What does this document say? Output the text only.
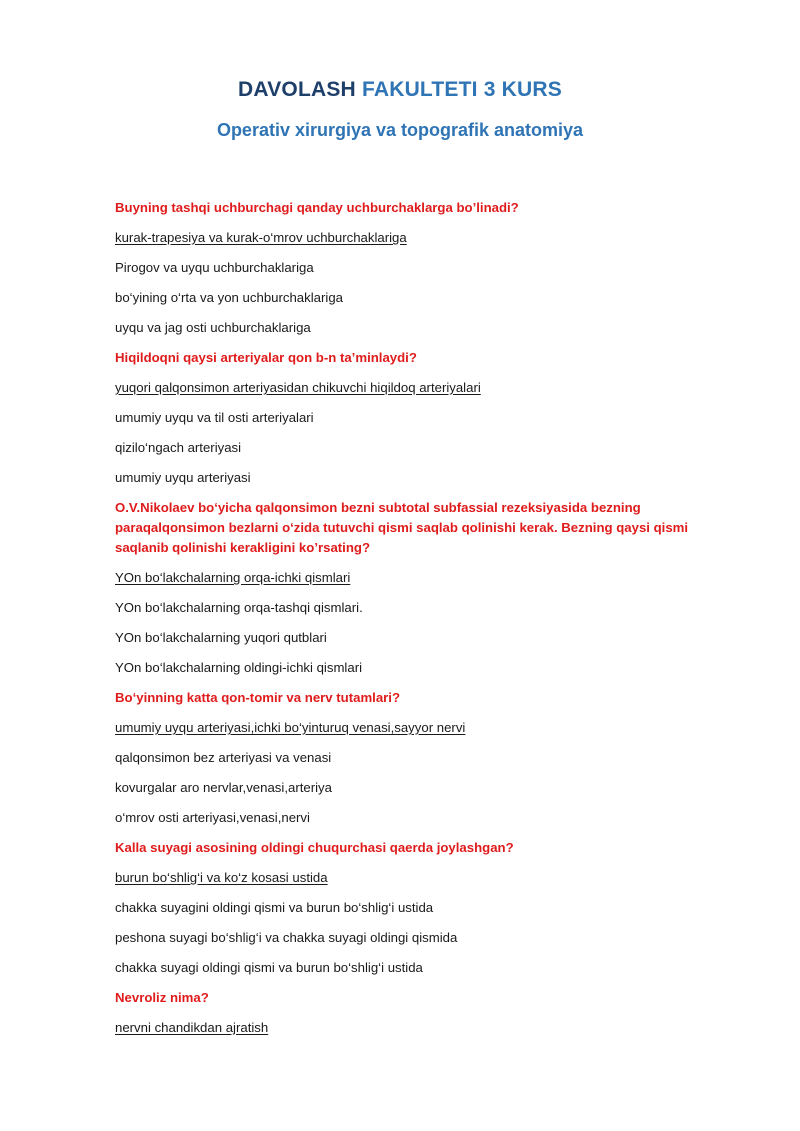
DAVOLASH FAKULTETI 3 KURS
Operativ xirurgiya va topografik anatomiya
Buyning tashqi uchburchagi qanday uchburchaklarga bo’linadi?
kurak-trapesiya va kurak-o‘mrov uchburchaklariga
Pirogov va uyqu uchburchaklariga
bo‘yining o‘rta va yon uchburchaklariga
uyqu va jag osti uchburchaklariga
Hiqildoqni qaysi arteriyalar qon b-n ta’minlaydi?
yuqori qalqonsimon arteriyasidan chikuvchi hiqildoq arteriyalari
umumiy uyqu va til osti arteriyalari
qizilo‘ngach arteriyasi
umumiy uyqu arteriyasi
O.V.Nikolaev bo‘yicha qalqonsimon bezni subtotal subfassial rezeksiyasida bezning paraqalqonsimon bezlarni o‘zida tutuvchi qismi saqlab qolinishi kerak. Bezning qaysi qismi saqlanib qolinishi kerakligini ko’rsating?
YOn bo‘lakchalarning orqa-ichki qismlari
YOn bo‘lakchalarning orqa-tashqi qismlari.
YOn bo‘lakchalarning yuqori qutblari
YOn bo‘lakchalarning oldingi-ichki qismlari
Bo‘yinning katta qon-tomir va nerv tutamlari?
umumiy uyqu arteriyasi,ichki bo‘yinturuq venasi,sayyor nervi
qalqonsimon bez arteriyasi va venasi
kovurgalar aro nervlar,venasi,arteriya
o‘mrov osti arteriyasi,venasi,nervi
Kalla suyagi asosining oldingi chuqurchasi qaerda joylashgan?
burun bo‘shlig‘i va ko‘z kosasi ustida
chakka suyagini oldingi qismi va burun bo‘shlig‘i ustida
peshona suyagi bo‘shlig‘i va chakka suyagi oldingi qismida
chakka suyagi oldingi qismi va burun bo‘shlig‘i ustida
Nevroliz nima?
nervni chandikdan ajratish
